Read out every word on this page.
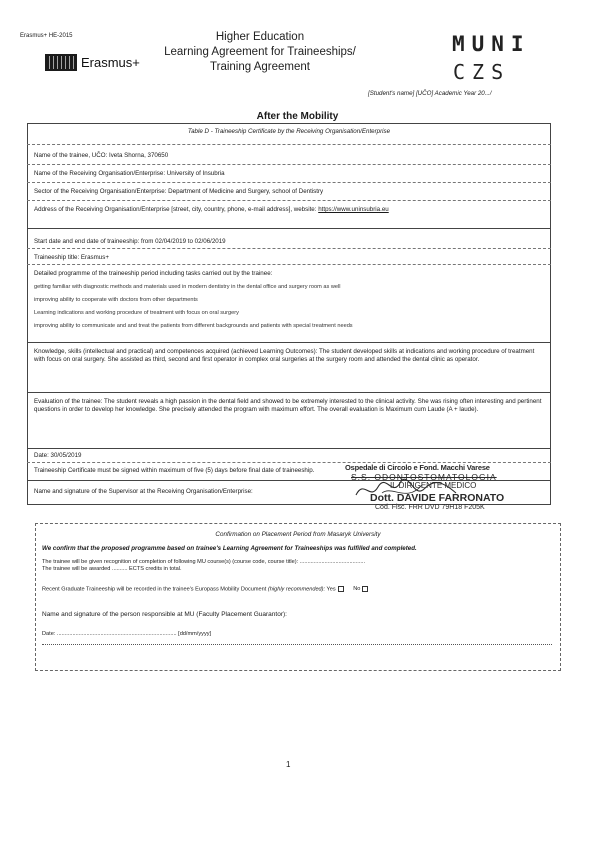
Erasmus+ HE-2015
Erasmus+
Higher Education
Learning Agreement for Traineeships/
Training Agreement
MUNI
CZS
[Student's name] [UČO] Academic Year 20.../
After the Mobility
Table D - Traineeship Certificate by the Receiving Organisation/Enterprise
Name of the trainee, UČO: Iveta Shorna, 370650
Name of the Receiving Organisation/Enterprise: University of Insubria
Sector of the Receiving Organisation/Enterprise: Department of Medicine and Surgery, school of Dentistry
Address of the Receiving Organisation/Enterprise [street, city, country, phone, e-mail address], website: https://www.uninsubria.eu
Start date and end date of traineeship: from 02/04/2019 to 02/06/2019
Traineeship title: Erasmus+
Detailed programme of the traineeship period including tasks carried out by the trainee:
getting familiar with diagnostic methods and materials used in modern dentistry in the dental office and surgery room as well
improving ability to cooperate with doctors from other departments
Learning indications and working procedure of treatment with focus on oral surgery
improving ability to communicate and and treat the patients from different backgrounds and patients with special treatment needs
Knowledge, skills (intellectual and practical) and competences acquired (achieved Learning Outcomes): The student developed skills at indications and working procedure of treatment with focus on oral surgery. She assisted as third, second and first operator in complex oral surgeries at the surgery room and attended the dental clinic as operator.
Evaluation of the trainee: The student reveals a high passion in the dental field and showed to be extremely interested to the clinical activity. She was rising often interesting and pertinent questions in order to develop her knowledge. She precisely attended the program with maximum effort. The overall evaluation is Maximum cum Laude (A + laude).
Date: 30/05/2019
Traineeship Certificate must be signed within maximum of five (5) days before final date of traineeship.
Name and signature of the Supervisor at the Receiving Organisation/Enterprise:
Ospedale di Circolo e Fond. Macchi Varese
S.S. ODONTOSTOMATOLOGIA
IL DIRIGENTE MEDICO
Dott. DAVIDE FARRONATO
Cod. Fisc. FRR DVD 79H18 F205K
Confirmation on Placement Period from Masaryk University
We confirm that the proposed programme based on trainee's Learning Agreement for Traineeships was fulfilled and completed.
The trainee will be given recognition of completion of following MU course(s) (course code, course title): ..........................................
The trainee will be awarded .......... ECTS credits in total.
Recent Graduate Traineeship will be recorded in the trainee's Europass Mobility Document (highly recommended): Yes	No
Name and signature of the person responsible at MU (Faculty Placement Guarantor):
Date: ............................................................................. [dd/mm/yyyy]
1
